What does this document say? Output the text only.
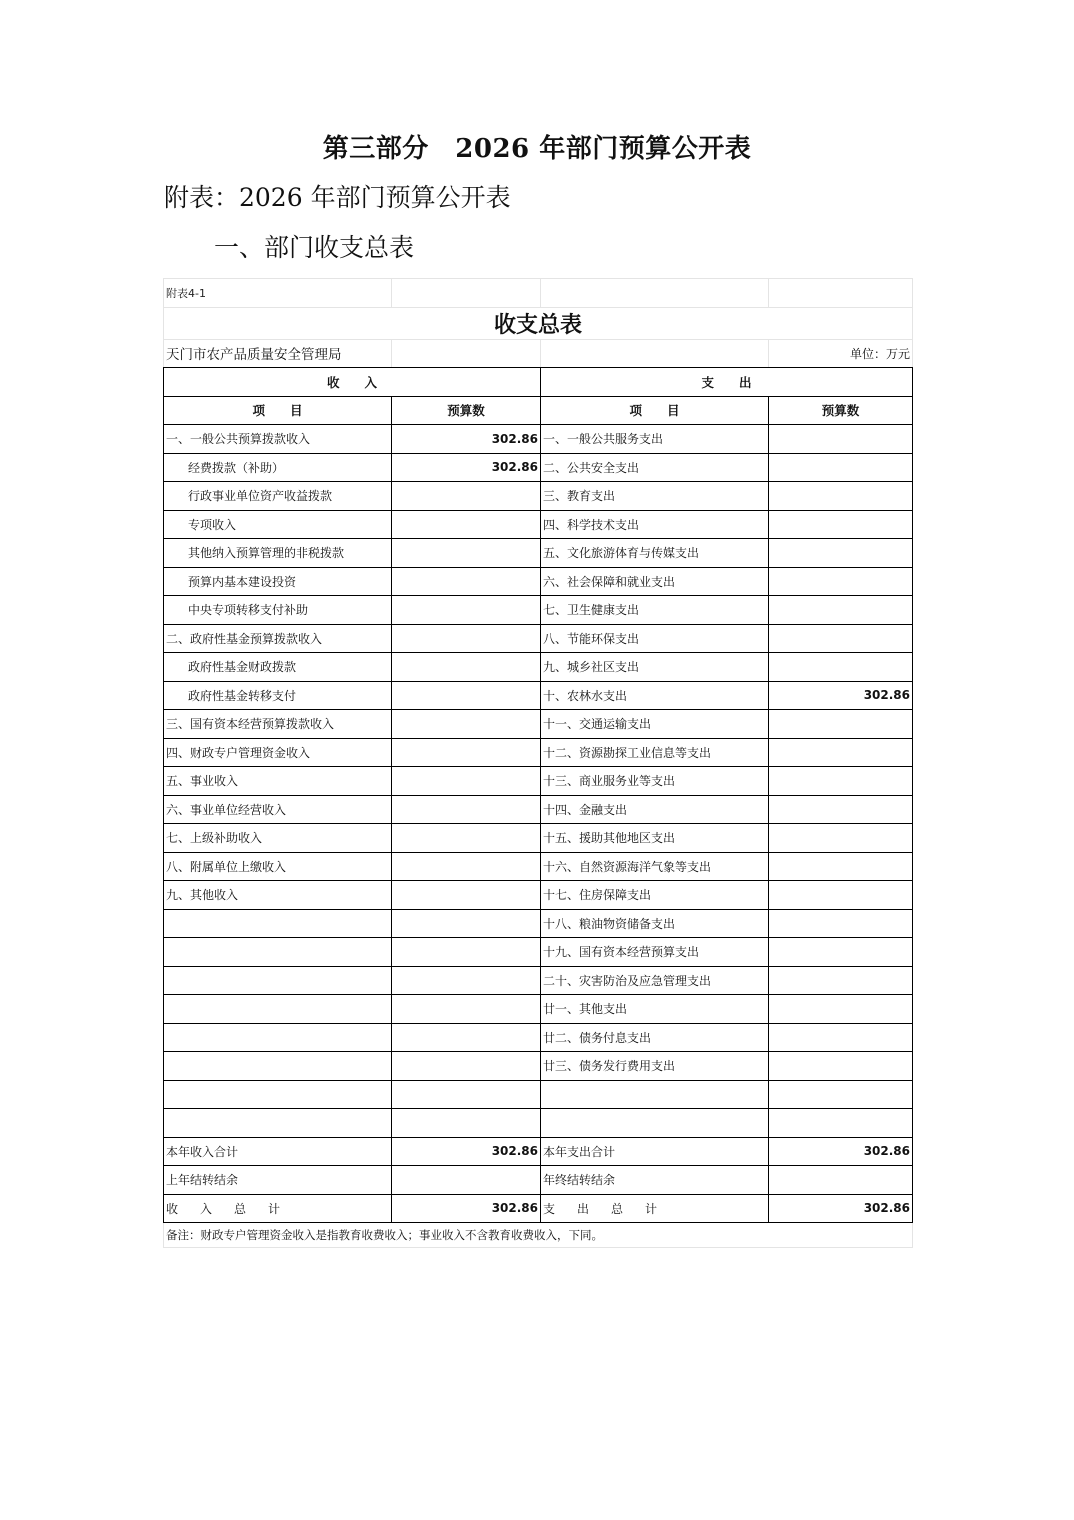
第三部分　2026 年部门预算公开表
附表：2026 年部门预算公开表
一、部门收支总表
附表4-1			
收支总表			
天门市农产品质量安全管理局			单位：万元
收　　入		支　　出	
项　　目	预算数	项　　目	预算数
一、一般公共预算拨款收入	302.86	一、一般公共服务支出	
经费拨款（补助）	302.86	二、公共安全支出	
行政事业单位资产收益拨款		三、教育支出	
专项收入		四、科学技术支出	
其他纳入预算管理的非税拨款		五、文化旅游体育与传媒支出	
预算内基本建设投资		六、社会保障和就业支出	
中央专项转移支付补助		七、卫生健康支出	
二、政府性基金预算拨款收入		八、节能环保支出	
政府性基金财政拨款		九、城乡社区支出	
政府性基金转移支付		十、农林水支出	302.86
三、国有资本经营预算拨款收入		十一、交通运输支出	
四、财政专户管理资金收入		十二、资源勘探工业信息等支出	
五、事业收入		十三、商业服务业等支出	
六、事业单位经营收入		十四、金融支出	
七、上级补助收入		十五、援助其他地区支出	
八、附属单位上缴收入		十六、自然资源海洋气象等支出	
九、其他收入		十七、住房保障支出	
		十八、粮油物资储备支出	
		十九、国有资本经营预算支出	
		二十、灾害防治及应急管理支出	
		廿一、其他支出	
		廿二、债务付息支出	
		廿三、债务发行费用支出	

本年收入合计	302.86	本年支出合计	302.86
上年结转结余		年终结转结余	
收入总计	302.86	支出总计	302.86
备注：财政专户管理资金收入是指教育收费收入；事业收入不含教育收费收入，下同。			
